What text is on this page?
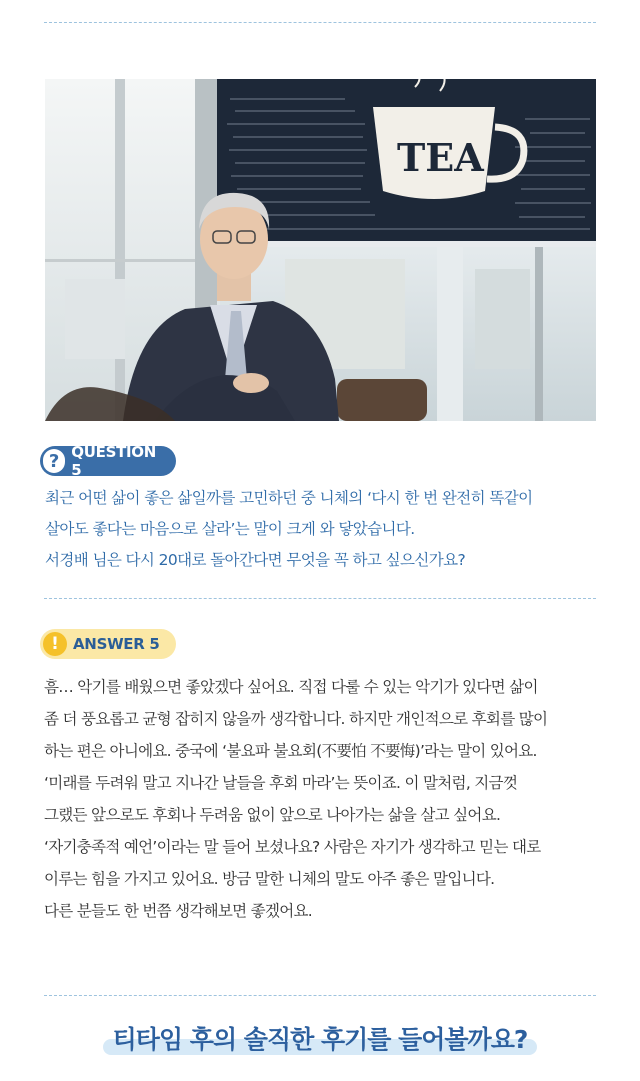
TEA
? QUESTION 5
최근 어떤 삶이 좋은 삶일까를 고민하던 중 니체의 ‘다시 한 번 완전히 똑같이
살아도 좋다는 마음으로 살라’는 말이 크게 와 닿았습니다.
서경배 님은 다시 20대로 돌아간다면 무엇을 꼭 하고 싶으신가요?
! ANSWER 5
흠… 악기를 배웠으면 좋았겠다 싶어요. 직접 다룰 수 있는 악기가 있다면 삶이
좀 더 풍요롭고 균형 잡히지 않을까 생각합니다. 하지만 개인적으로 후회를 많이
하는 편은 아니에요. 중국에 ‘불요파 불요회(不要怕 不要悔)’라는 말이 있어요.
‘미래를 두려워 말고 지나간 날들을 후회 마라’는 뜻이죠. 이 말처럼, 지금껏
그랬든 앞으로도 후회나 두려움 없이 앞으로 나아가는 삶을 살고 싶어요.
‘자기충족적 예언’이라는 말 들어 보셨나요? 사람은 자기가 생각하고 믿는 대로
이루는 힘을 가지고 있어요. 방금 말한 니체의 말도 아주 좋은 말입니다.
다른 분들도 한 번쯤 생각해보면 좋겠어요.
티타임 후의 솔직한 후기를 들어볼까요?
